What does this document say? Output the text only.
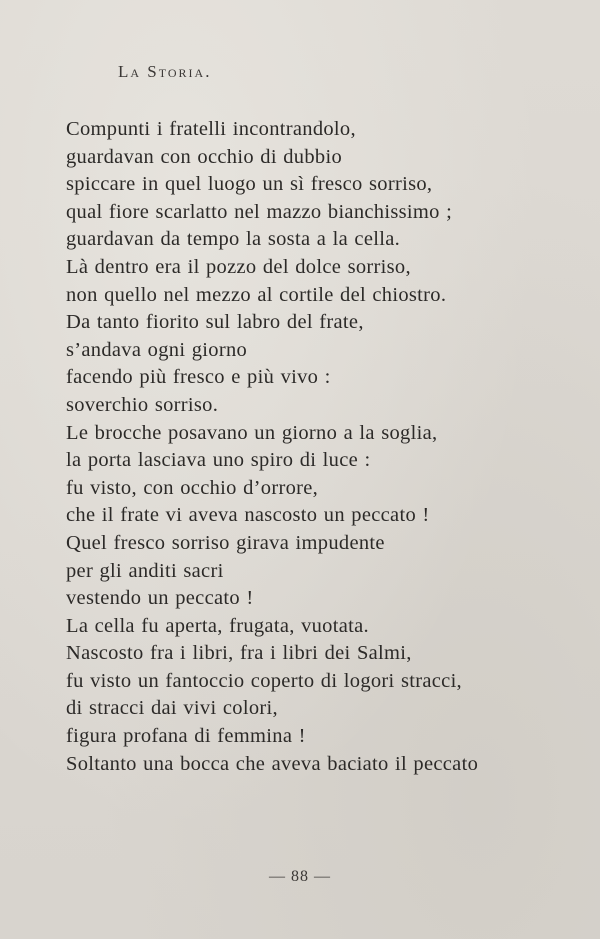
La Storia.
Compunti i fratelli incontrandolo,
guardavan con occhio di dubbio
spiccare in quel luogo un sì fresco sorriso,
qual fiore scarlatto nel mazzo bianchissimo ;
guardavan da tempo la sosta a la cella.
Là dentro era il pozzo del dolce sorriso,
non quello nel mezzo al cortile del chiostro.
Da tanto fiorito sul labro del frate,
s’andava ogni giorno
facendo più fresco e più vivo :
soverchio sorriso.
Le brocche posavano un giorno a la soglia,
la porta lasciava uno spiro di luce :
fu visto, con occhio d’orrore,
che il frate vi aveva nascosto un peccato !
Quel fresco sorriso girava impudente
per gli anditi sacri
vestendo un peccato !
La cella fu aperta, frugata, vuotata.
Nascosto fra i libri, fra i libri dei Salmi,
fu visto un fantoccio coperto di logori stracci,
di stracci dai vivi colori,
figura profana di femmina !
Soltanto una bocca che aveva baciato il peccato
— 88 —
